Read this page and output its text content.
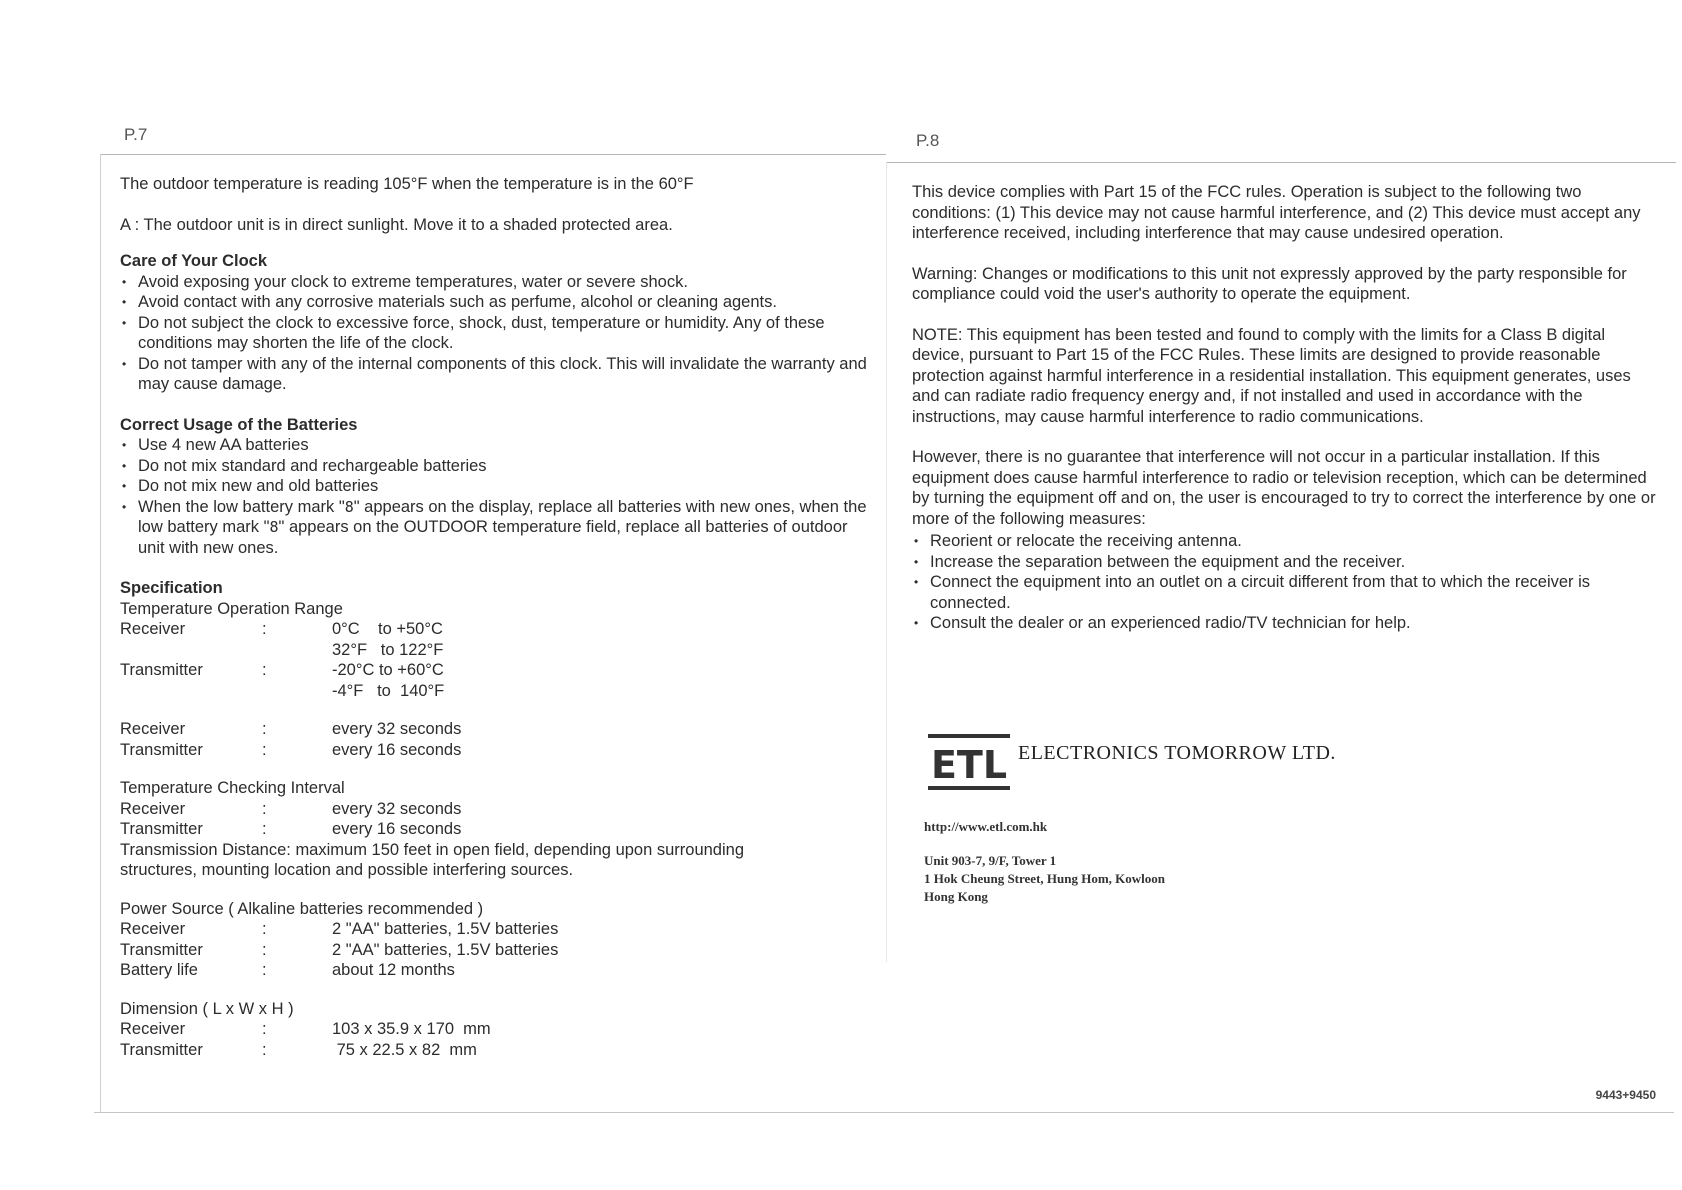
P.7	P.8

The outdoor temperature is reading 105°F when the temperature is in the 60°F

A : The outdoor unit is in direct sunlight. Move it to a shaded protected area.

Care of Your Clock

• Avoid exposing your clock to extreme temperatures, water or severe shock.
• Avoid contact with any corrosive materials such as perfume, alcohol or cleaning agents.
• Do not subject the clock to excessive force, shock, dust, temperature or humidity. Any of these conditions may shorten the life of the clock.
• Do not tamper with any of the internal components of this clock. This will invalidate the warranty and may cause damage.

Correct Usage of the Batteries

• Use 4 new AA batteries
• Do not mix standard and rechargeable batteries
• Do not mix new and old batteries
• When the low battery mark "8" appears on the display, replace all batteries with new ones, when the low battery mark "8" appears on the OUTDOOR temperature field, replace all batteries of outdoor unit with new ones.

Specification

Temperature Operation Range
Receiver	:	0°C    to +50°C
		32°F   to 122°F
Transmitter	:	-20°C to +60°C
		-4°F   to  140°F
Receiver	:	every 32 seconds
Transmitter	:	every 16 seconds
Temperature Checking Interval
Receiver	:	every 32 seconds
Transmitter	:	every 16 seconds
Transmission Distance: maximum 150 feet in open field, depending upon surrounding structures, mounting location and possible interfering sources.
Power Source ( Alkaline batteries recommended )
Receiver	:	2 "AA" batteries, 1.5V batteries
Transmitter	:	2 "AA" batteries, 1.5V batteries
Battery life	:	about 12 months
Dimension ( L x W x H )
Receiver	:	103 x 35.9 x 170  mm
Transmitter	:	75 x 22.5 x 82  mm

This device complies with Part 15 of the FCC rules. Operation is subject to the following two conditions: (1) This device may not cause harmful interference, and (2) This device must accept any interference received, including interference that may cause undesired operation.

Warning: Changes or modifications to this unit not expressly approved by the party responsible for compliance could void the user's authority to operate the equipment.

NOTE: This equipment has been tested and found to comply with the limits for a Class B digital device, pursuant to Part 15 of the FCC Rules. These limits are designed to provide reasonable protection against harmful interference in a residential installation. This equipment generates, uses and can radiate radio frequency energy and, if not installed and used in accordance with the instructions, may cause harmful interference to radio communications.

However, there is no guarantee that interference will not occur in a particular installation. If this equipment does cause harmful interference to radio or television reception, which can be determined by turning the equipment off and on, the user is encouraged to try to correct the interference by one or more of the following measures:

• Reorient or relocate the receiving antenna.
• Increase the separation between the equipment and the receiver.
• Connect the equipment into an outlet on a circuit different from that to which the receiver is connected.
• Consult the dealer or an experienced radio/TV technician for help.
ETL ELECTRONICS TOMORROW LTD.
http://www.etl.com.hk
Unit 903-7, 9/F, Tower 1
1 Hok Cheung Street, Hung Hom, Kowloon
Hong Kong
9443+9450
